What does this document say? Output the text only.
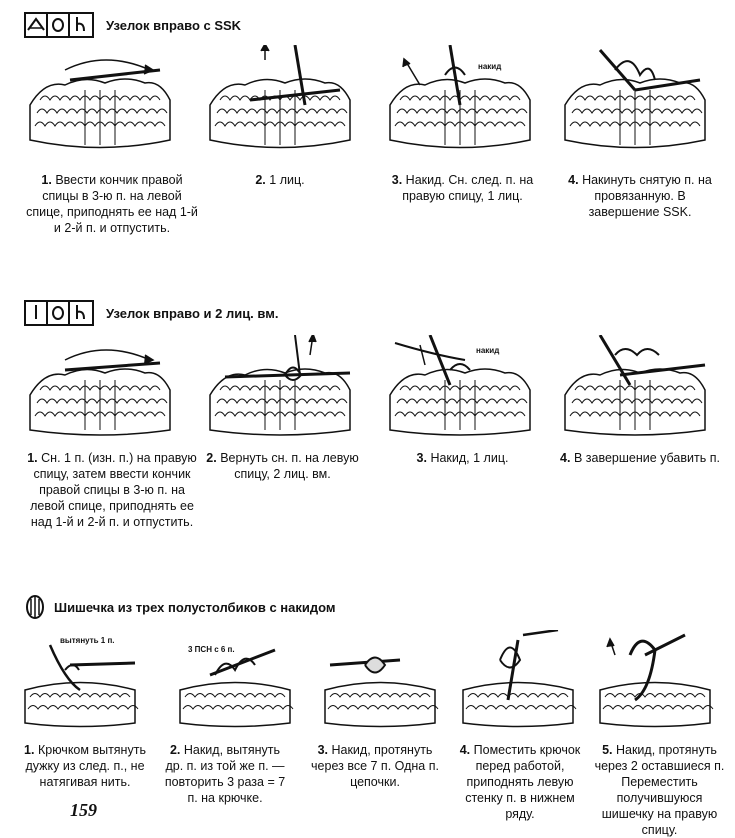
Узелок вправо с SSK
накид
1. Ввести кончик правой спицы в 3-ю п. на левой спице, приподнять ее над 1-й и 2-й п. и отпустить.
2. 1 лиц.	3. Накид. Сн. след. п. на правую спицу, 1 лиц.
4. Накинуть снятую п. на провязанную. В завершение SSK.
Узелок вправо и 2 лиц. вм.
накид
1. Сн. 1 п. (изн. п.) на правую спицу, затем ввести кончик правой спицы в 3-ю п. на левой спице, приподнять ее над 1-й и 2-й п. и отпустить.
2. Вернуть сн. п. на левую спицу, 2 лиц. вм.
3. Накид, 1 лиц.	4. В завершение убавить п.
Шишечка из трех полустолбиков с накидом
вытянуть 1 п.
3 ПСН с 6 п.
1. Крючком вытянуть дужку из след. п., не натягивая нить.
2. Накид, вытянуть др. п. из той же п. — повторить 3 раза = 7 п. на крючке.
3. Накид, протянуть через все 7 п. Одна п. цепочки.
4. Поместить крючок перед работой, приподнять левую стенку п. в нижнем ряду.
5. Накид, протянуть через 2 оставшиеся п. Переместить получившуюся шишечку на правую спицу.
159
